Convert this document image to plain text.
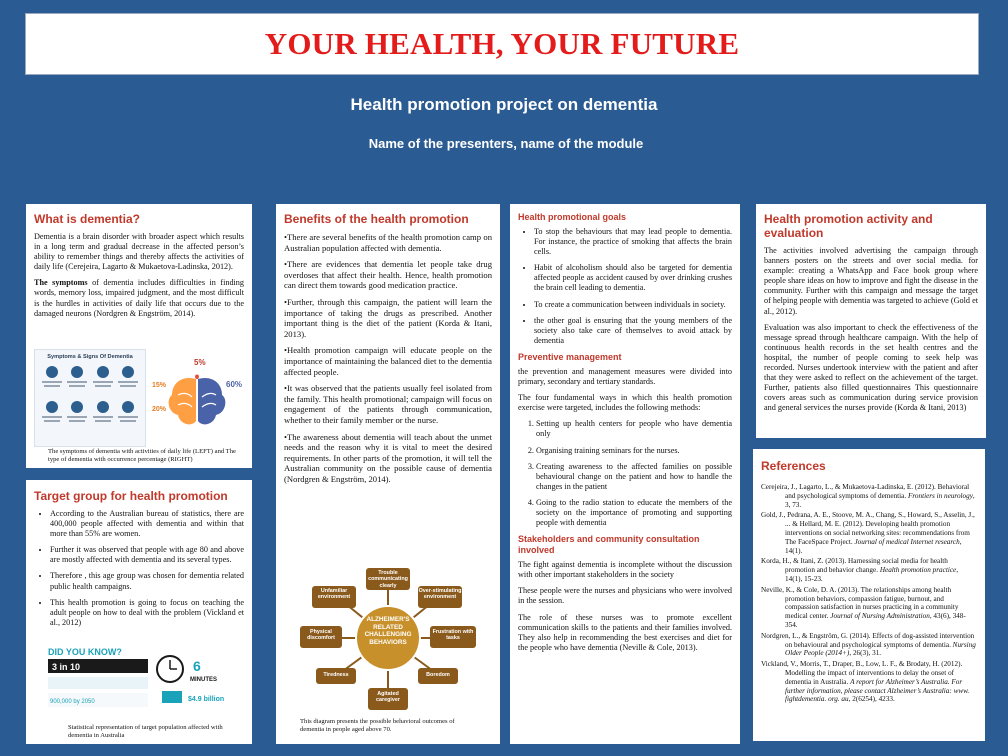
YOUR HEALTH, YOUR FUTURE
Health promotion project on dementia
Name of the presenters, name of the module
What is dementia?

Dementia is a brain disorder with broader aspect which results in a long term and gradual decrease in the affected person’s ability to remember things and thereby affects the activities of daily life (Cerejeira, Lagarto & Mukaetova-Ladinska, 2012).

The symptoms of dementia includes difficulties in finding words, memory loss, impaired judgment, and the most difficult is the hurdles in activities of daily life that occurs due to the damaged neurons (Nordgren & Engström, 2014).

Symptoms & Signs Of Dementia
5%
60%
15%
20%
The symptoms of dementia with activities of daily life (LEFT) and The type of dementia with occurrence percentage (RIGHT)
Target group for health promotion
• According to the Australian bureau of statistics, there are 400,000 people affected with dementia and within that more than 55% are women.
• Further it was observed that people with age 80 and above are mostly affected with dementia and its several types.
• Therefore , this age group was chosen for dementia related public health campaigns.
• This health promotion is going to focus on teaching the adult people on how to deal with the problem (Vickland et al., 2012)
DID YOU KNOW?
3 in 10
900,000 by 2050
6
MINUTES
$4.9 billion
Statistical representation of target population affected with dementia in Australia
Benefits of the health promotion

•There are several benefits of the health promotion camp on Australian population affected with dementia.

•There are evidences that dementia let people take drug overdoses that affect their health. Hence, health promotion can direct them towards good medication practice.

•Further, through this campaign, the patient will learn the importance of taking the drugs as prescribed. Another important thing is the diet of the patient (Korda & Itani, 2013).

•Health promotion campaign will educate people on the importance of maintaining the balanced diet to the dementia affected people.

•It was observed that the patients usually feel isolated from the family. This health promotional; campaign will focus on engagement of the patients through communication, whether to their family member or the nurse.

•The awareness about dementia will teach about the unmet needs and the reason why it is vital to meet the desired requirements. In other parts of the promotion, it will tell the Australian community on the possible cause of dementia (Nordgren & Engström, 2014).

ALZHEIMER'S RELATED CHALLENGING BEHAVIORS
Trouble communicating clearly
Over-stimulating environment
Frustration with tasks
Boredom
Agitated caregiver
Tiredness
Physical discomfort
Unfamiliar environment
This diagram presents the possible behavioral outcomes of dementia in people aged above 70.
Health promotional goals
• To stop the behaviours that may lead people to dementia. For instance, the practice of smoking that affects the brain cells.
• Habit of alcoholism should also be targeted for dementia affected people as accident caused by over drinking crushes the brain cell leading to dementia.
• To create a communication between individuals in society.
• the other goal is ensuring that the young members of the society also take care of themselves to avoid attack by dementia
Preventive management

the prevention and management measures were divided into primary, secondary and tertiary standards.

The four fundamental ways in which this health promotion exercise were targeted, includes the following methods:

1. Setting up health centers for people who have dementia only
2. Organising training seminars for the nurses.
3. Creating awareness to the affected families on possible behavioural change on the patient and how to handle the changes in the patient
4. Going to the radio station to educate the members of the society on the importance of promoting and supporting people with dementia
Stakeholders and community consultation involved

The fight against dementia is incomplete without the discussion with other important stakeholders in the society

These people were the nurses and physicians who were involved in the session.

The role of these nurses was to promote excellent communication skills to the patients and their families involved. They also help in recommending the best exercises and diet for the people who have dementia (Neville & Cole, 2013).

Health promotion activity and evaluation

The activities involved advertising the campaign through banners posters on the streets and over social media. for example: creating a WhatsApp and Face book group where people share ideas on how to improve and fight the disease in the community. Further with this campaign and message the target of helping people with dementia was targeted to achieve (Gold et al., 2012).

Evaluation was also important to check the effectiveness of the message spread through healthcare campaign. With the help of continuous health records in the set health centres and the hospital, the number of people coming to seek help was recorded. Nurses undertook interview with the patient and after that they were asked to reflect on the achievement of the target. Further, patients also filled questionnaires This questionnaire covers areas such as communication during service provision and general services the nurses provide (Korda & Itani, 2013)

References

Cerejeira, J., Lagarto, L., & Mukaetova-Ladinska, E. (2012). Behavioral and psychological symptoms of dementia. Frontiers in neurology, 3, 73.

Gold, J., Pedrana, A. E., Stoove, M. A., Chang, S., Howard, S., Asselin, J., ... & Hellard, M. E. (2012). Developing health promotion interventions on social networking sites: recommendations from The FaceSpace Project. Journal of medical Internet research, 14(1).

Korda, H., & Itani, Z. (2013). Harnessing social media for health promotion and behavior change. Health promotion practice, 14(1), 15-23.

Neville, K., & Cole, D. A. (2013). The relationships among health promotion behaviors, compassion fatigue, burnout, and compassion satisfaction in nurses practicing in a community medical center. Journal of Nursing Administration, 43(6), 348-354.

Nordgren, L., & Engström, G. (2014). Effects of dog-assisted intervention on behavioural and psychological symptoms of dementia. Nursing Older People (2014+), 26(3), 31.

Vickland, V., Morris, T., Draper, B., Low, L. F., & Brodaty, H. (2012). Modelling the impact of interventions to delay the onset of dementia in Australia. A report for Alzheimer’s Australia. For further information, please contact Alzheimer’s Australia: www. fightdementia. org. au, 2(6254), 4233.
